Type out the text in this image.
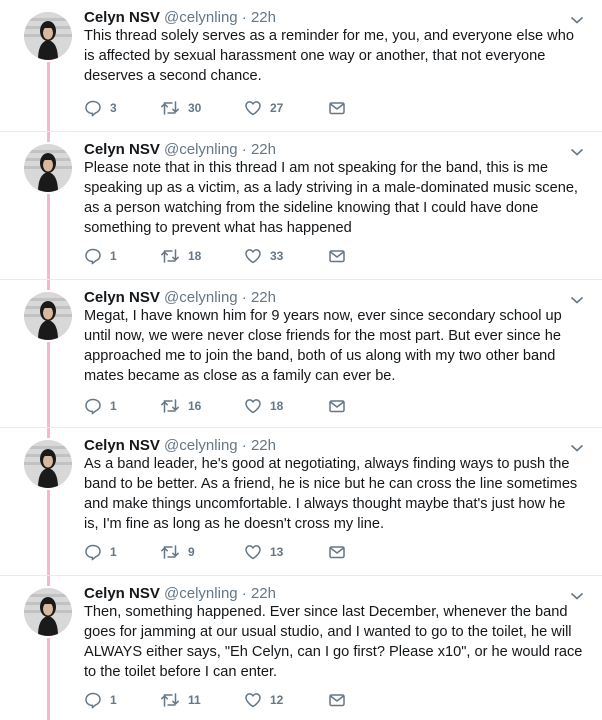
Celyn NSV @celynling · 22h
This thread solely serves as a reminder for me, you, and everyone else who is affected by sexual harassment one way or another, that not everyone deserves a second chance.
3	30	27
Celyn NSV @celynling · 22h
Please note that in this thread I am not speaking for the band, this is me speaking up as a victim, as a lady striving in a male-dominated music scene, as a person watching from the sideline knowing that I could have done something to prevent what has happened
1	18	33
Celyn NSV @celynling · 22h
Megat, I have known him for 9 years now, ever since secondary school up until now, we were never close friends for the most part. But ever since he approached me to join the band, both of us along with my two other band mates became as close as a family can ever be.
1	16	18
Celyn NSV @celynling · 22h
As a band leader, he's good at negotiating, always finding ways to push the band to be better. As a friend, he is nice but he can cross the line sometimes and make things uncomfortable. I always thought maybe that's just how he is, I'm fine as long as he doesn't cross my line.
1	9	13
Celyn NSV @celynling · 22h
Then, something happened. Ever since last December, whenever the band goes for jamming at our usual studio, and I wanted to go to the toilet, he will ALWAYS either says, "Eh Celyn, can I go first? Please x10", or he would race to the toilet before I can enter.
1	11	12
